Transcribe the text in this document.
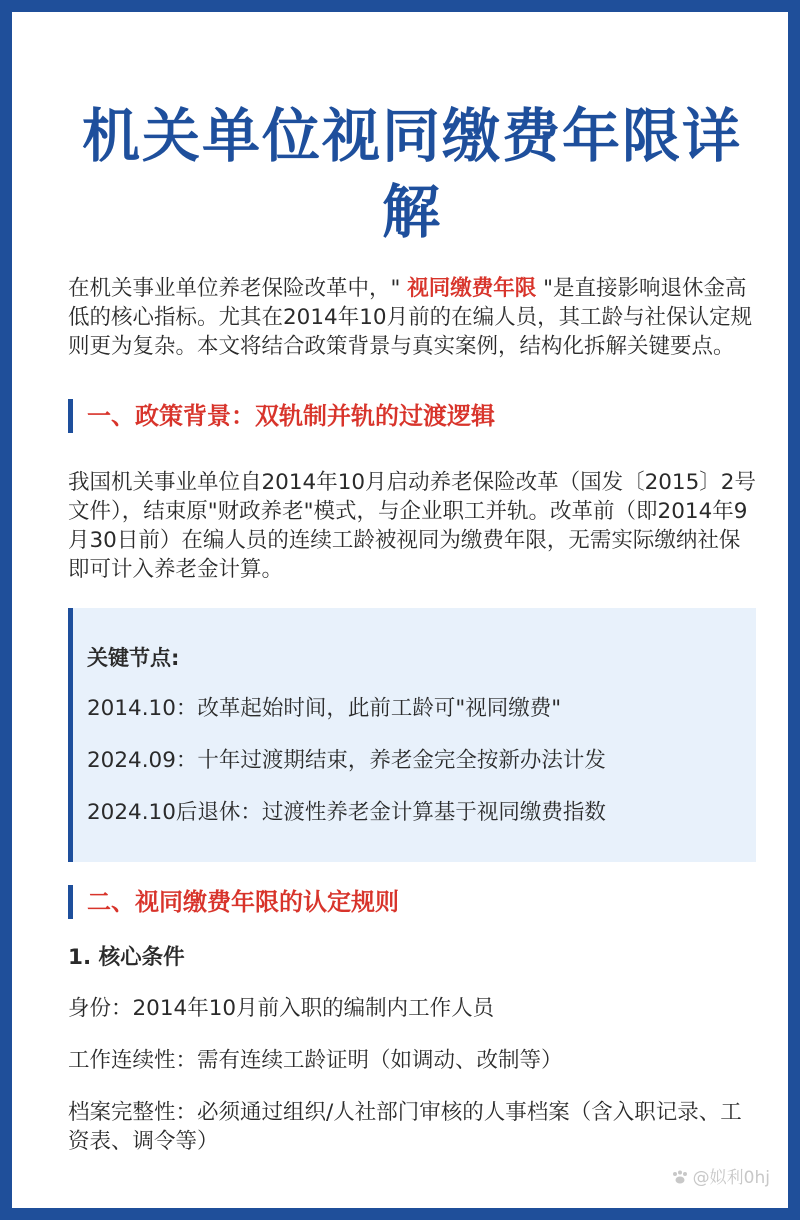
机关单位视同缴费年限详
解
在机关事业单位养老保险改革中，" 视同缴费年限 "是直接影响退休金高低的核心指标。尤其在2014年10月前的在编人员，其工龄与社保认定规则更为复杂。本文将结合政策背景与真实案例，结构化拆解关键要点。
一、政策背景：双轨制并轨的过渡逻辑
我国机关事业单位自2014年10月启动养老保险改革（国发〔2015〕2号文件），结束原"财政养老"模式，与企业职工并轨。改革前（即2014年9月30日前）在编人员的连续工龄被视同为缴费年限，无需实际缴纳社保即可计入养老金计算。
关键节点:
2014.10：改革起始时间，此前工龄可"视同缴费"
2024.09：十年过渡期结束，养老金完全按新办法计发
2024.10后退休：过渡性养老金计算基于视同缴费指数
二、视同缴费年限的认定规则
1. 核心条件
身份：2014年10月前入职的编制内工作人员
工作连续性：需有连续工龄证明（如调动、改制等）
档案完整性：必须通过组织/人社部门审核的人事档案（含入职记录、工资表、调令等）
@姒利0hj
